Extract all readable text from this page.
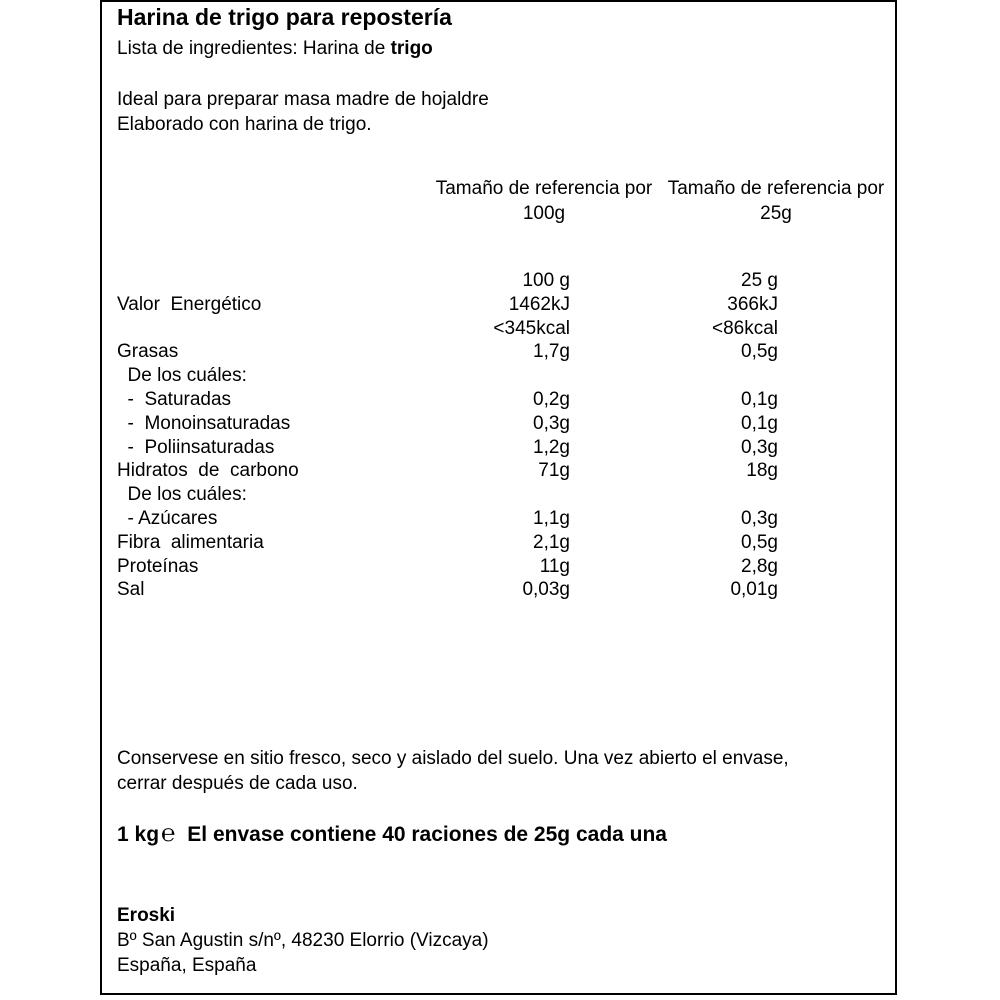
Harina de trigo para repostería
Lista de ingredientes: Harina de trigo
Ideal para preparar masa madre de hojaldre
Elaborado con harina de trigo.
Tamaño de referencia por
100g
Tamaño de referencia por
25g
100 g	25 g
Valor  Energético	1462kJ	366kJ
<345kcal	<86kcal
Grasas	1,7g	0,5g
De los cuáles:
-  Saturadas	0,2g	0,1g
-  Monoinsaturadas	0,3g	0,1g
-  Poliinsaturadas	1,2g	0,3g
Hidratos  de  carbono	71g	18g
De los cuáles:
- Azúcares	1,1g	0,3g
Fibra  alimentaria	2,1g	0,5g
Proteínas	11g	2,8g
Sal	0,03g	0,01g
Conservese en sitio fresco, seco y aislado del suelo. Una vez abierto el envase,
cerrar después de cada uso.
1 kg℮ El envase contiene 40 raciones de 25g cada una
Eroski
Bº San Agustin s/nº, 48230 Elorrio (Vizcaya)
España, España
